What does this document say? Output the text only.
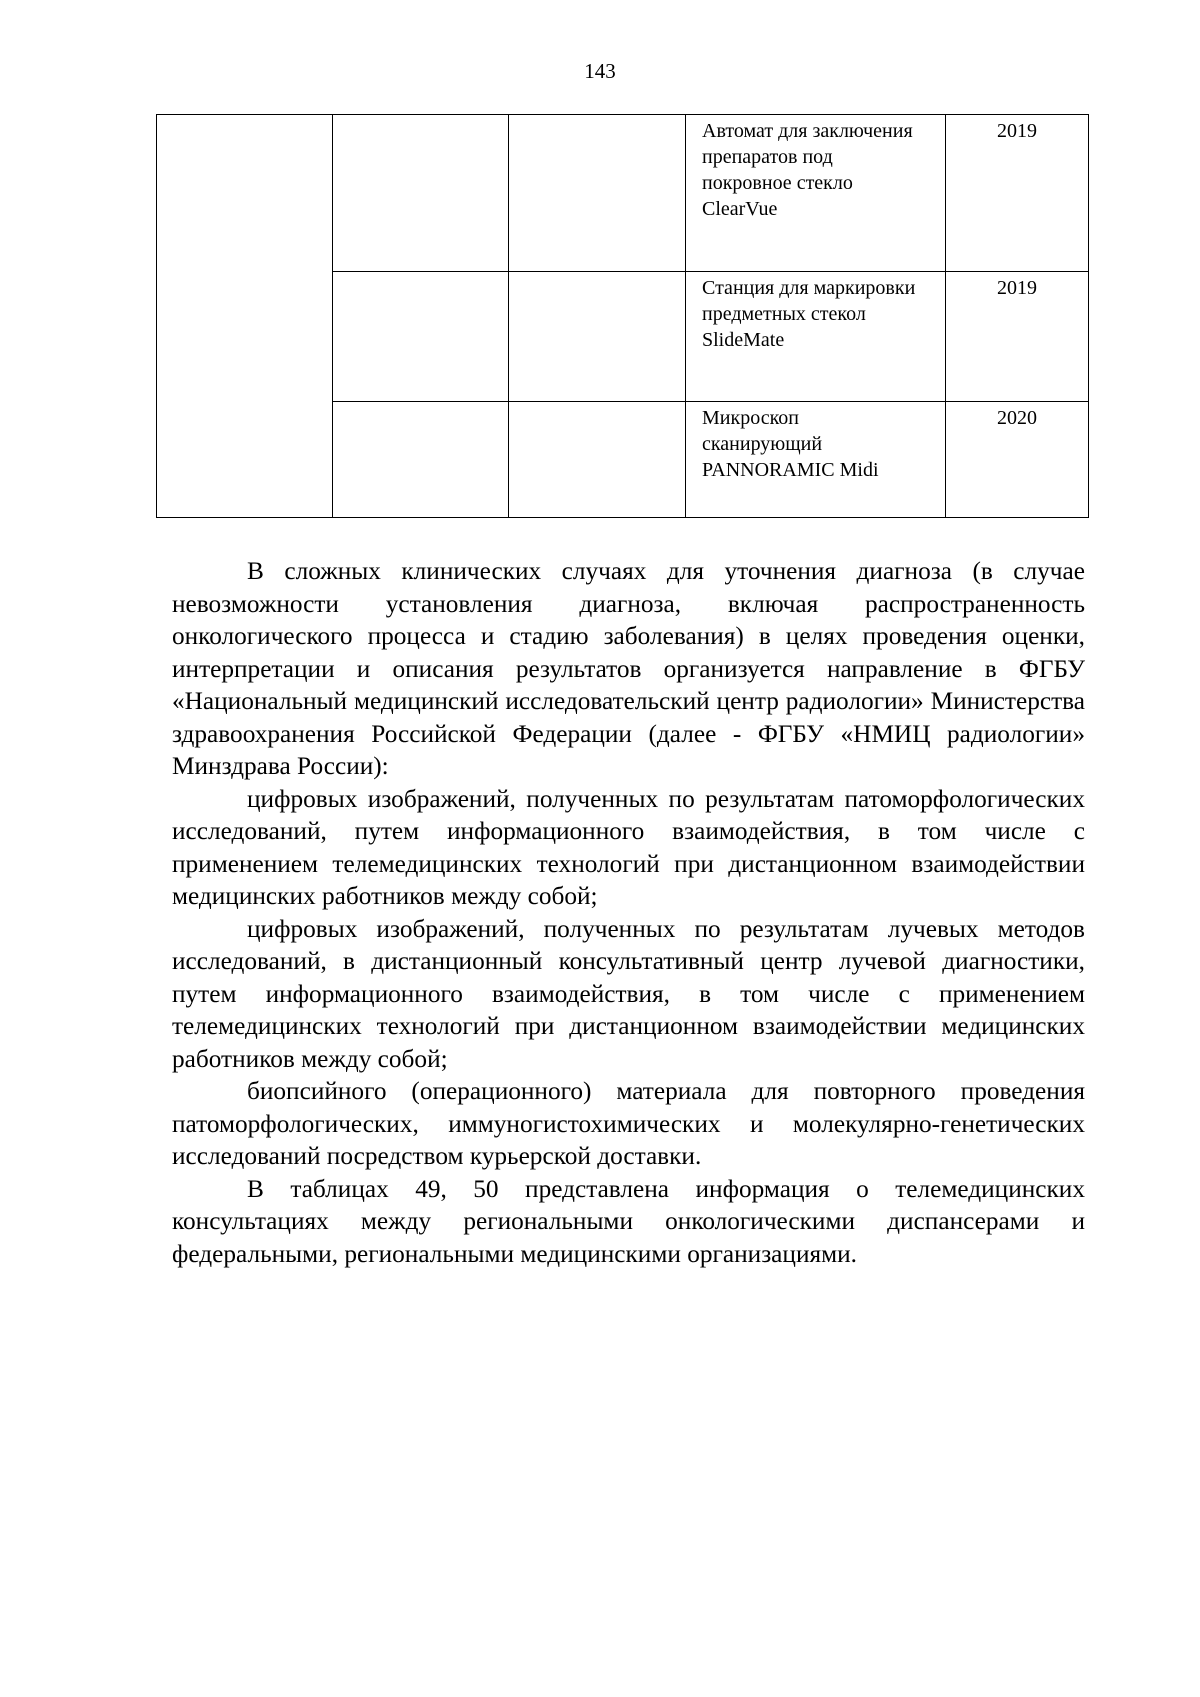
143

			Автомат для заключения
препаратов под
покровное стекло
ClearVue	2019

			Станция для маркировки
предметных стекол
SlideMate	2019

			Микроскоп
сканирующий
PANNORAMIC Midi	2020

В сложных клинических случаях для уточнения диагноза (в случае невозможности установления диагноза, включая распространенность онкологического процесса и стадию заболевания) в целях проведения оценки, интерпретации и описания результатов организуется направление в ФГБУ «Национальный медицинский исследовательский центр радиологии» Министерства здравоохранения Российской Федерации (далее - ФГБУ «НМИЦ радиологии» Минздрава России):

цифровых изображений, полученных по результатам патоморфологических исследований, путем информационного взаимодействия, в том числе с применением телемедицинских технологий при дистанционном взаимодействии медицинских работников между собой;

цифровых изображений, полученных по результатам лучевых методов исследований, в дистанционный консультативный центр лучевой диагностики, путем информационного взаимодействия, в том числе с применением телемедицинских технологий при дистанционном взаимодействии медицинских работников между собой;

биопсийного (операционного) материала для повторного проведения патоморфологических, иммуногистохимических и молекулярно-генетических исследований посредством курьерской доставки.

В таблицах 49, 50 представлена информация о телемедицинских консультациях между региональными онкологическими диспансерами и федеральными, региональными медицинскими организациями.
